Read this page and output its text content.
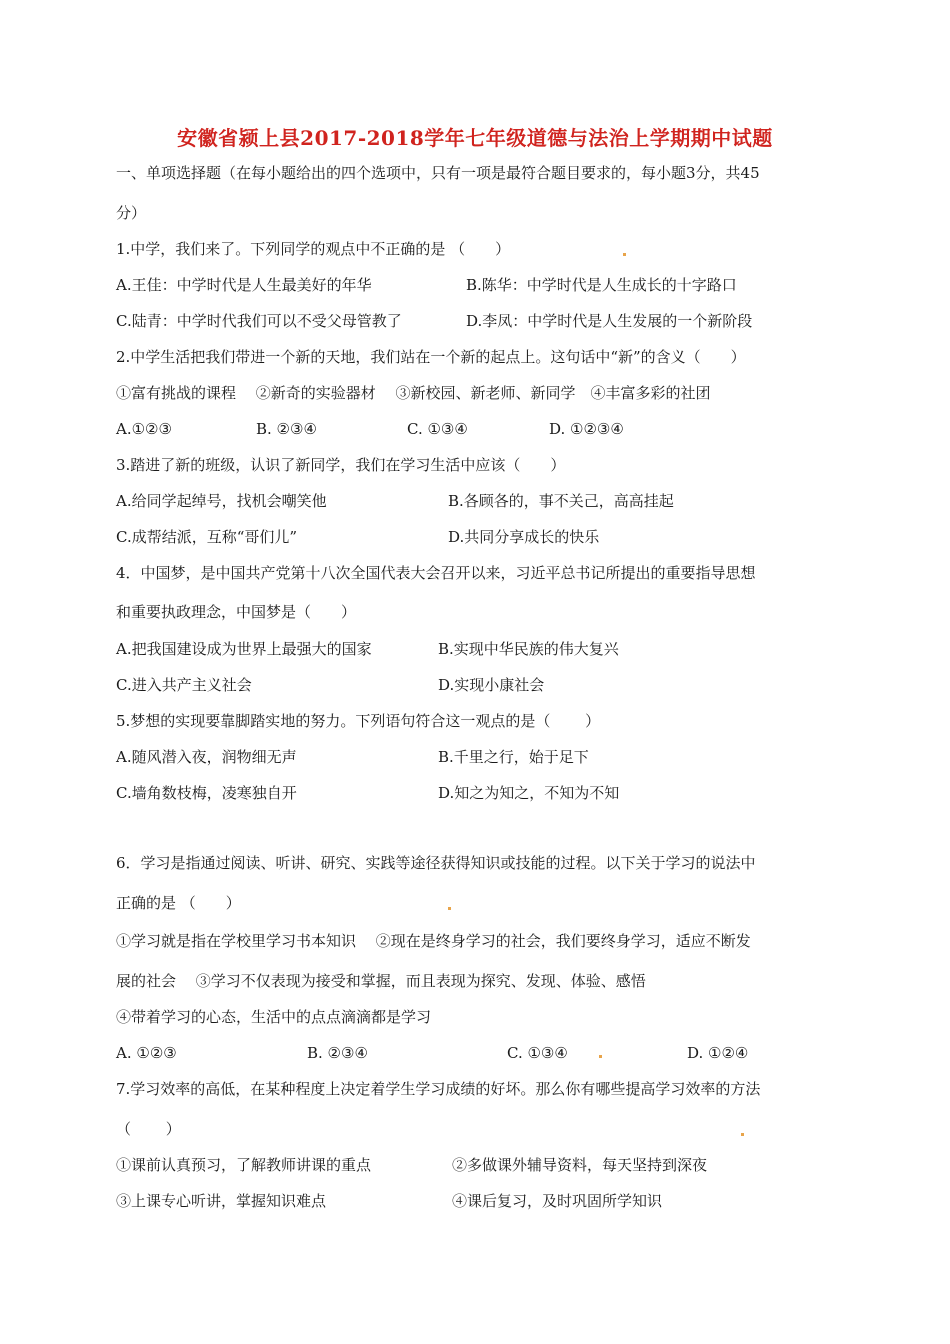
安徽省颍上县2017-2018学年七年级道德与法治上学期期中试题
一、单项选择题（在每小题给出的四个选项中，只有一项是最符合题目要求的，每小题3分，共45
分）
1.中学，我们来了。下列同学的观点中不正确的是 （　　）
A.王佳：中学时代是人生最美好的年华	B.陈华：中学时代是人生成长的十字路口
C.陆青：中学时代我们可以不受父母管教了	D.李凤：中学时代是人生发展的一个新阶段
2.中学生活把我们带进一个新的天地，我们站在一个新的起点上。这句话中“新”的含义（　　）
①富有挑战的课程　 ②新奇的实验器材　 ③新校园、新老师、新同学　④丰富多彩的社团
A.①②③	B. ②③④	C. ①③④	D. ①②③④
3.踏进了新的班级，认识了新同学，我们在学习生活中应该（　　）
A.给同学起绰号，找机会嘲笑他	B.各顾各的，事不关己，高高挂起
C.成帮结派，互称“哥们儿”	D.共同分享成长的快乐
4．中国梦，是中国共产党第十八次全国代表大会召开以来，习近平总书记所提出的重要指导思想
和重要执政理念，中国梦是（　　）
A.把我国建设成为世界上最强大的国家	B.实现中华民族的伟大复兴
C.进入共产主义社会	D.实现小康社会
5.梦想的实现要靠脚踏实地的努力。下列语句符合这一观点的是（　　 ）
A.随风潜入夜，润物细无声	B.千里之行，始于足下
C.墙角数枝梅，凌寒独自开	D.知之为知之，不知为不知
6．学习是指通过阅读、听讲、研究、实践等途径获得知识或技能的过程。以下关于学习的说法中
正确的是 （　　）
①学习就是指在学校里学习书本知识　 ②现在是终身学习的社会，我们要终身学习，适应不断发
展的社会　 ③学习不仅表现为接受和掌握，而且表现为探究、发现、体验、感悟
④带着学习的心态，生活中的点点滴滴都是学习
A. ①②③	B. ②③④	C. ①③④	D. ①②④
7.学习效率的高低，在某种程度上决定着学生学习成绩的好坏。那么你有哪些提高学习效率的方法
（　　 ）
①课前认真预习，了解教师讲课的重点	②多做课外辅导资料，每天坚持到深夜
③上课专心听讲，掌握知识难点	④课后复习，及时巩固所学知识
